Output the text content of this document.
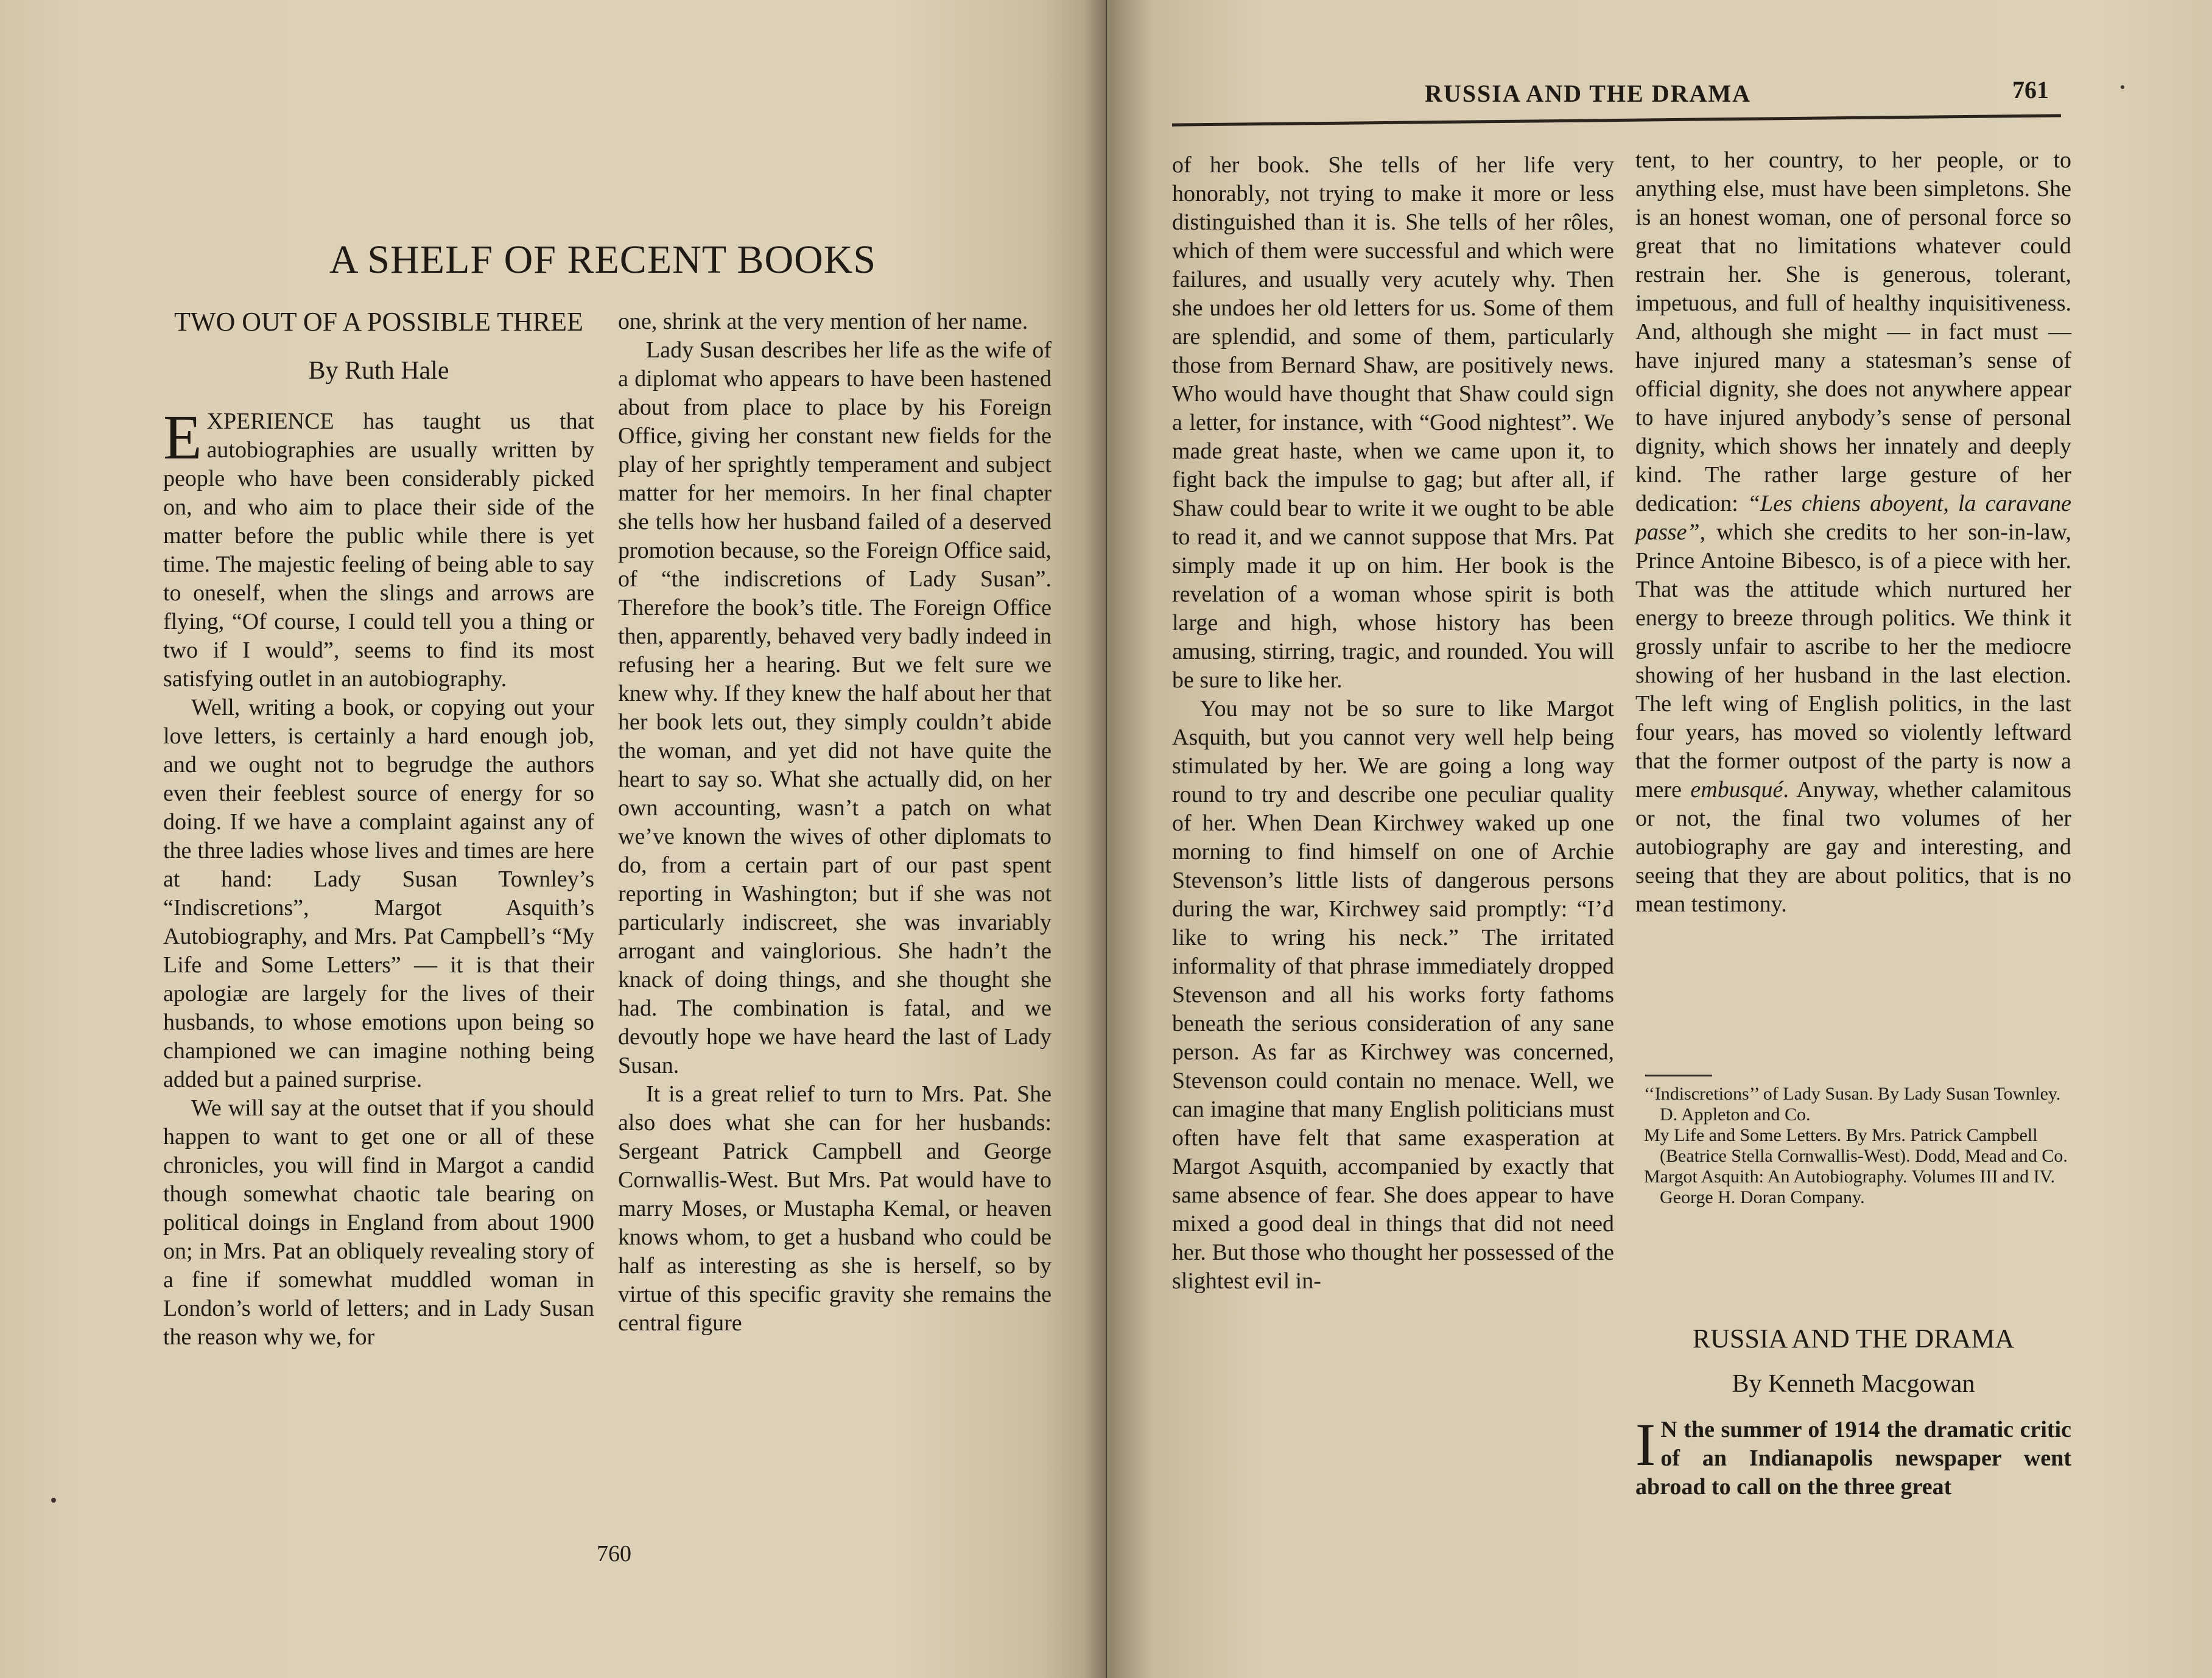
A SHELF OF RECENT BOOKS
TWO OUT OF A POSSIBLE THREE
By Ruth Hale

EXPERIENCE has taught us that autobiographies are usually written by people who have been considerably picked on, and who aim to place their side of the matter before the public while there is yet time. The majestic feeling of being able to say to oneself, when the slings and arrows are flying, “Of course, I could tell you a thing or two if I would”, seems to find its most satisfying outlet in an autobiography.

Well, writing a book, or copying out your love letters, is certainly a hard enough job, and we ought not to begrudge the authors even their feeblest source of energy for so doing. If we have a complaint against any of the three ladies whose lives and times are here at hand: Lady Susan Townley’s “Indiscretions”, Margot Asquith’s Autobiography, and Mrs. Pat Campbell’s “My Life and Some Letters” — it is that their apologiæ are largely for the lives of their husbands, to whose emotions upon being so championed we can imagine nothing being added but a pained surprise.

We will say at the outset that if you should happen to want to get one or all of these chronicles, you will find in Margot a candid though somewhat chaotic tale bearing on political doings in England from about 1900 on; in Mrs. Pat an obliquely revealing story of a fine if somewhat muddled woman in London’s world of letters; and in Lady Susan the reason why we, for

one, shrink at the very mention of her name.

Lady Susan describes her life as the wife of a diplomat who appears to have been hastened about from place to place by his Foreign Office, giving her constant new fields for the play of her sprightly temperament and subject matter for her memoirs. In her final chapter she tells how her husband failed of a deserved promotion because, so the Foreign Office said, of “the indiscretions of Lady Susan”. Therefore the book’s title. The Foreign Office then, apparently, behaved very badly indeed in refusing her a hearing. But we felt sure we knew why. If they knew the half about her that her book lets out, they simply couldn’t abide the woman, and yet did not have quite the heart to say so. What she actually did, on her own accounting, wasn’t a patch on what we’ve known the wives of other diplomats to do, from a certain part of our past spent reporting in Washington; but if she was not particularly indiscreet, she was invariably arrogant and vainglorious. She hadn’t the knack of doing things, and she thought she had. The combination is fatal, and we devoutly hope we have heard the last of Lady Susan.

It is a great relief to turn to Mrs. Pat. She also does what she can for her husbands: Sergeant Patrick Campbell and George Cornwallis-West. But Mrs. Pat would have to marry Moses, or Mustapha Kemal, or heaven knows whom, to get a husband who could be half as interesting as she is herself, so by virtue of this specific gravity she remains the central figure

760
RUSSIA AND THE DRAMA	761

of her book. She tells of her life very honorably, not trying to make it more or less distinguished than it is. She tells of her rôles, which of them were successful and which were failures, and usually very acutely why. Then she undoes her old letters for us. Some of them are splendid, and some of them, particularly those from Bernard Shaw, are positively news. Who would have thought that Shaw could sign a letter, for instance, with “Good nightest”. We made great haste, when we came upon it, to fight back the impulse to gag; but after all, if Shaw could bear to write it we ought to be able to read it, and we cannot suppose that Mrs. Pat simply made it up on him. Her book is the revelation of a woman whose spirit is both large and high, whose history has been amusing, stirring, tragic, and rounded. You will be sure to like her.

You may not be so sure to like Margot Asquith, but you cannot very well help being stimulated by her. We are going a long way round to try and describe one peculiar quality of her. When Dean Kirchwey waked up one morning to find himself on one of Archie Stevenson’s little lists of dangerous persons during the war, Kirchwey said promptly: “I’d like to wring his neck.” The irritated informality of that phrase immediately dropped Stevenson and all his works forty fathoms beneath the serious consideration of any sane person. As far as Kirchwey was concerned, Stevenson could contain no menace. Well, we can imagine that many English politicians must often have felt that same exasperation at Margot Asquith, accompanied by exactly that same absence of fear. She does appear to have mixed a good deal in things that did not need her. But those who thought her possessed of the slightest evil in-

tent, to her country, to her people, or to anything else, must have been simpletons. She is an honest woman, one of personal force so great that no limitations whatever could restrain her. She is generous, tolerant, impetuous, and full of healthy inquisitiveness. And, although she might — in fact must — have injured many a statesman’s sense of official dignity, she does not anywhere appear to have injured anybody’s sense of personal dignity, which shows her innately and deeply kind. The rather large gesture of her dedication: “Les chiens aboyent, la caravane passe”, which she credits to her son-in-law, Prince Antoine Bibesco, is of a piece with her. That was the attitude which nurtured her energy to breeze through politics. We think it grossly unfair to ascribe to her the mediocre showing of her husband in the last election. The left wing of English politics, in the last four years, has moved so violently leftward that the former outpost of the party is now a mere embusqué. Anyway, whether calamitous or not, the final two volumes of her autobiography are gay and interesting, and seeing that they are about politics, that is no mean testimony.

‘‘Indiscretions’’ of Lady Susan. By Lady Susan Townley. D. Appleton and Co.

My Life and Some Letters. By Mrs. Patrick Campbell (Beatrice Stella Cornwallis-West). Dodd, Mead and Co.

Margot Asquith: An Autobiography. Volumes III and IV. George H. Doran Company.

RUSSIA AND THE DRAMA
By Kenneth Macgowan

I N the summer of 1914 the dramatic critic of an Indianapolis newspaper went abroad to call on the three great
